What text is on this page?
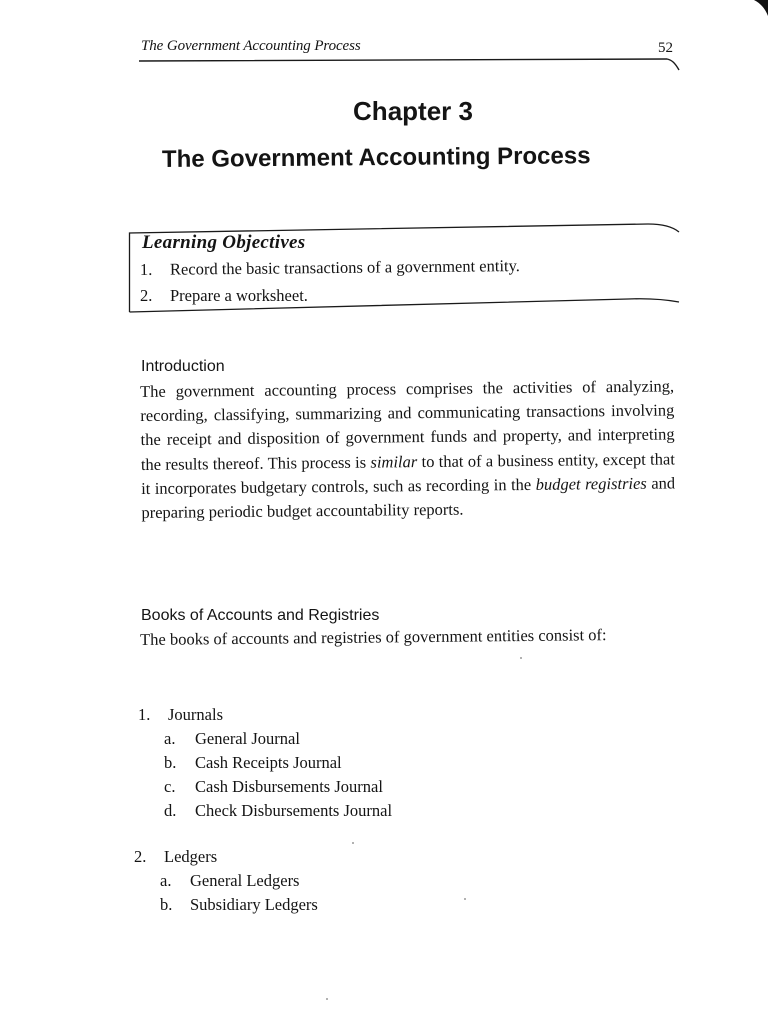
The Government Accounting Process	52
Chapter 3
The Government Accounting Process
Learning Objectives
1. Record the basic transactions of a government entity.
2. Prepare a worksheet.
Introduction

The government accounting process comprises the activities of analyzing, recording, classifying, summarizing and communicating transactions involving the receipt and disposition of government funds and property, and interpreting the results thereof. This process is similar to that of a business entity, except that it incorporates budgetary controls, such as recording in the budget registries and preparing periodic budget accountability reports.

Books of Accounts and Registries

The books of accounts and registries of government entities consist of:

1. Journals
a. General Journal
b. Cash Receipts Journal
c. Cash Disbursements Journal
d. Check Disbursements Journal
2. Ledgers
a. General Ledgers
b. Subsidiary Ledgers
